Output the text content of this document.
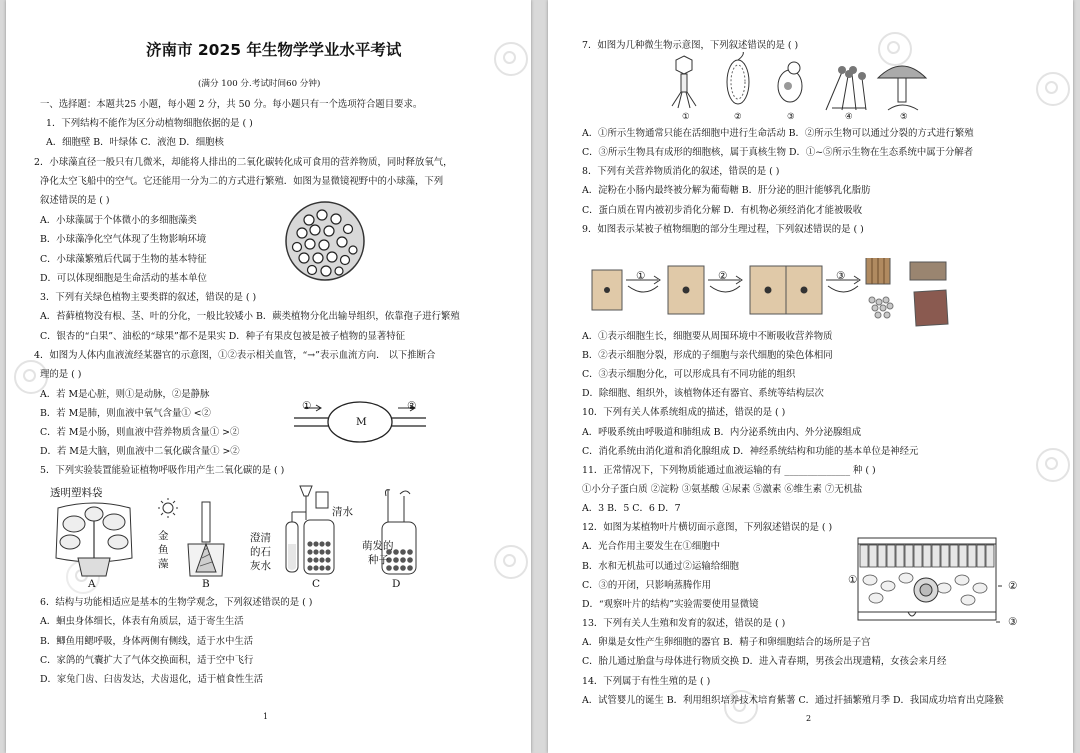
济南市 2025 年生物学学业水平考试
(满分 100 分.考试时间60 分钟)
一、选择题：本题共25 小题，每小题 2 分，共 50 分。每小题只有一个选项符合题目要求。
1．下列结构不能作为区分动植物细胞依据的是 ( )
A．细胞壁 B．叶绿体 C．液泡 D．细胞核
2．小球藻直径一般只有几微米，却能将人排出的二氧化碳转化成可食用的营养物质，同时释放氧气，
净化太空飞船中的空气。它还能用一分为二的方式进行繁殖．如图为显微镜视野中的小球藻，下列
叙述错误的是 ( )
A．小球藻属于个体微小的多细胞藻类
B．小球藻净化空气体现了生物影响环境
C．小球藻繁殖后代属于生物的基本特征
D．可以体现细胞是生命活动的基本单位
3．下列有关绿色植物主要类群的叙述，错误的是 ( )
A．苔藓植物没有根、茎、叶的分化，一般比较矮小 B．蕨类植物分化出输导组织，依靠孢子进行繁殖
C．银杏的“白果”、油松的“球果”都不是果实 D．种子有果皮包被是被子植物的显著特征
4．如图为人体内血液流经某器官的示意图，①②表示相关血管，“→”表示血流方向． 以下推断合
理的是 ( )
A．若 M是心脏，则①是动脉，②是静脉
B．若 M是肺，则血液中氧气含量① <②
C．若 M是小肠，则血液中营养物质含量① >②
D．若 M是大脑，则血液中二氧化碳含量① >②
①	②
M
5．下列实验装置能验证植物呼吸作用产生二氧化碳的是 ( )
透明塑料袋
A
金
鱼
藻
B
清水
澄清
的石
灰水
C
萌发的
种子
D
6．结构与功能相适应是基本的生物学观念，下列叙述错误的是 ( )
A．蛔虫身体细长，体表有角质层，适于寄生生活
B．鲫鱼用鳃呼吸，身体两侧有侧线，适于水中生活
C．家鸽的气囊扩大了气体交换面积，适于空中飞行
D．家兔门齿、臼齿发达，犬齿退化，适于植食性生活
1
7．如图为几种微生物示意图，下列叙述错误的是 ( )
①	②	③	④	⑤
A．①所示生物通常只能在活细胞中进行生命活动 B．②所示生物可以通过分裂的方式进行繁殖
C．③所示生物具有成形的细胞核，属于真核生物 D．①~⑤所示生物在生态系统中属于分解者
8．下列有关营养物质消化的叙述，错误的是 ( )
A．淀粉在小肠内最终被分解为葡萄糖 B．肝分泌的胆汁能够乳化脂肪
C．蛋白质在胃内被初步消化分解 D．有机物必须经消化才能被吸收
9．如图表示某被子植物细胞的部分生理过程，下列叙述错误的是 ( )
①	②	③
A．①表示细胞生长，细胞要从周围环境中不断吸收营养物质
B．②表示细胞分裂，形成的子细胞与亲代细胞的染色体相同
C．③表示细胞分化，可以形成具有不同功能的组织
D．除细胞、组织外，该植物体还有器官、系统等结构层次
10．下列有关人体系统组成的描述，错误的是 ( )
A．呼吸系统由呼吸道和肺组成 B．内分泌系统由内、外分泌腺组成
C．消化系统由消化道和消化腺组成 D．神经系统结构和功能的基本单位是神经元
11．正常情况下，下列物质能通过血液运输的有 ______________ 种 ( )
①小分子蛋白质 ②淀粉 ③氨基酸 ④尿素 ⑤激素 ⑥维生素 ⑦无机盐
A．3 B．5 C．6 D．7
12．如图为某植物叶片横切面示意图，下列叙述错误的是 ( )
A．光合作用主要发生在①细胞中
B．水和无机盐可以通过②运输给细胞
C．③的开闭，只影响蒸腾作用
D．“观察叶片的结构”实验需要使用显微镜
①	②
③
13．下列有关人生殖和发育的叙述，错误的是 ( )
A．卵巢是女性产生卵细胞的器官 B．精子和卵细胞结合的场所是子宫
C．胎儿通过胎盘与母体进行物质交换 D．进入青春期，男孩会出现遗精，女孩会来月经
14．下列属于有性生殖的是 ( )
A．试管婴儿的诞生 B．利用组织培养技术培育紫薯 C．通过扦插繁殖月季 D．我国成功培育出克隆猴
2
